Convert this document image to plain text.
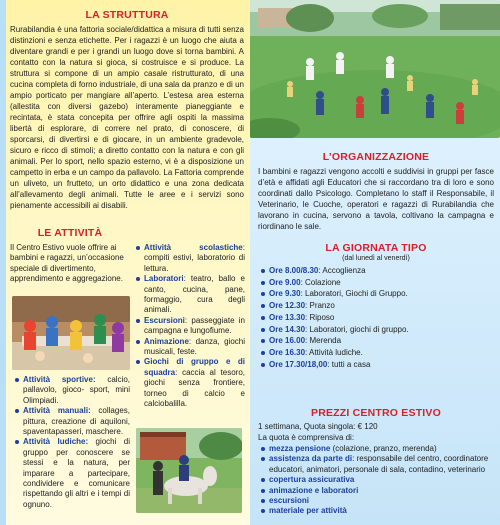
LA STRUTTURA

Rurabilandia è una fattoria sociale/didattica a misura di tutti senza distinzioni e senza etichette. Per i ragazzi è un luogo che aiuta a diventare grandi e per i grandi un luogo dove si torna bambini. A contatto con la natura si gioca, si costruisce e si produce. La struttura si compone di un ampio casale ristrutturato, di una cucina completa di forno industriale, di una sala da pranzo e di un ampio porticato per mangiare all’aperto. L’estesa area esterna (allestita con diversi gazebo) interamente pianeggiante e recintata, è stata concepita per offrire agli ospiti la massima libertà di esplorare, di correre nel prato, di conoscere, di sporcarsi, di divertirsi e di giocare, in un ambiente gradevole, sicuro e ricco di stimoli; a diretto contatto con la natura e con gli animali. Per lo sport, nello spazio esterno, vi è a disposizione un campetto in erba e un campo da pallavolo. La Fattoria comprende un uliveto, un frutteto, un orto didattico e una zona dedicata all’allevamento degli animali. Tutte le aree e i servizi sono pienamente accessibili ai disabili.

L’ORGANIZZAZIONE

I bambini e ragazzi vengono accolti e suddivisi in gruppi per fasce d’età e affidati agli Educatori che si raccordano tra di loro e sono coordinati dallo Psicologo. Completano lo staff il Responsabile, il Veterinario, le Cuoche, operatori e ragazzi di Rurabilandia che lavorano in cucina, servono a tavola, coltivano la campagna e riordinano le sale.

LA GIORNATA TIPO
(dal lunedì al venerdì)
Ore 8.00/8.30: Accoglienza
Ore 9.00: Colazione
Ore 9.30: Laboratori, Giochi di Gruppo.
Ore 12.30: Pranzo
Ore 13.30: Riposo
Ore 14.30: Laboratori, giochi di gruppo.
Ore 16.00: Merenda
Ore 16.30: Attività ludiche.
Ore 17.30/18,00: tutti a casa
PREZZI CENTRO ESTIVO

1 settimana, Quota singola: € 120

La quota è comprensiva di:

mezza pensione (colazione, pranzo, merenda)
assistenza da parte di: responsabile del centro, coordinatore educatori, animatori, personale di sala, contadino, veterinario
copertura assicurativa
animazione e laboratori
escursioni
materiale per attività
LE ATTIVITÀ

Il Centro Estivo vuole offrire ai bambini e ragazzi, un’occasione speciale di divertimento, apprendimento e aggregazione.

Attività sportive: calcio, pallavolo, gioco- sport, mini Olimpiadi.
Attività manuali: collages, pittura, creazione di aquiloni, spaventapasseri, maschere.
Attività ludiche: giochi di gruppo per conoscere se stessi e la natura, per imparare a partecipare, condividere e comunicare rispettando gli altri e i tempi di ognuno.
Attività scolastiche: compiti estivi, laboratorio di lettura.
Laboratori: teatro, ballo e canto, cucina, pane, formaggio, cura degli animali.
Escursioni: passeggiate in campagna e lungofiume.
Animazione: danza, giochi musicali, feste.
Giochi di gruppo e di squadra: caccia al tesoro, giochi senza frontiere, torneo di calcio e calciobalilla.
